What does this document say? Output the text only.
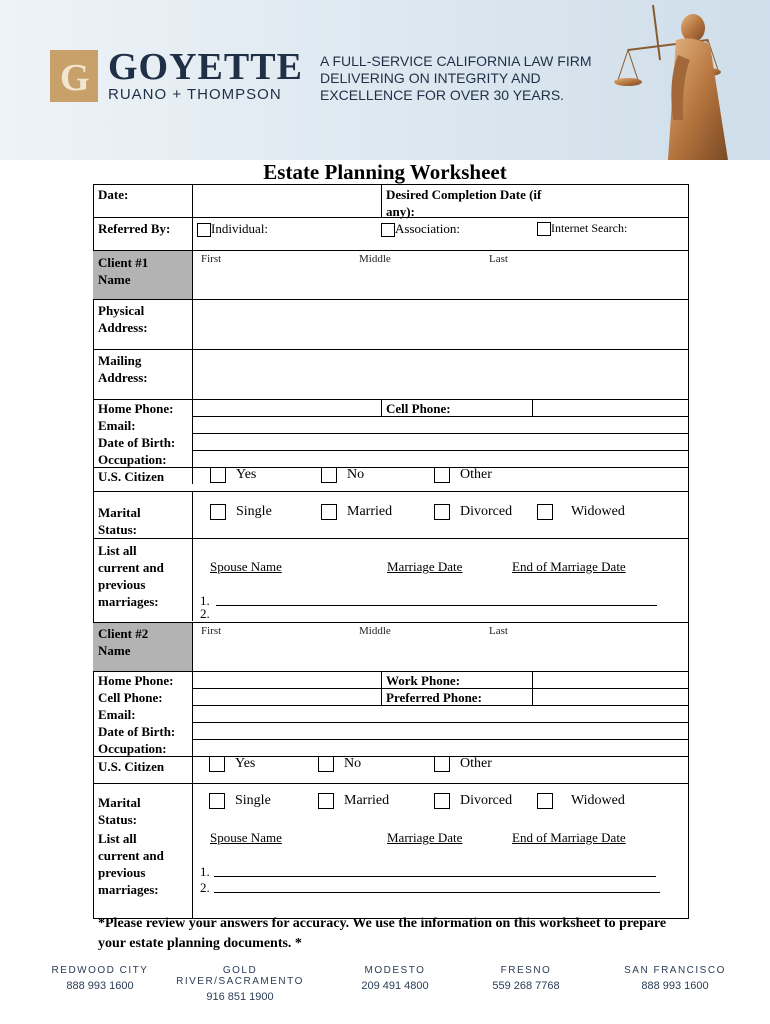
G GOYETTE
RUANO + THOMPSON
A FULL-SERVICE CALIFORNIA LAW FIRM DELIVERING ON INTEGRITY AND EXCELLENCE FOR OVER 30 YEARS.
Estate Planning Worksheet
Date:	Desired Completion Date (if any):
Referred By:	Individual:	Association:	Internet Search:
Client #1 Name
First	Middle	Last
Physical Address:
Mailing Address:
Home Phone:	Cell Phone:
Email:
Date of Birth:
Occupation:
U.S. Citizen	Yes	No	Other
Marital Status:
Single	Married	Divorced	Widowed
List all current and previous marriages:
Spouse Name	Marriage Date	End of Marriage Date
1.
2.
Client #2 Name
First	Middle	Last
Home Phone:	Work Phone:
Cell Phone:	Preferred Phone:
Email:
Date of Birth:
Occupation:
U.S. Citizen	Yes	No	Other
Marital Status:
Single	Married	Divorced	Widowed
List all current and previous marriages:
Spouse Name	Marriage Date	End of Marriage Date
1.
2.
*Please review your answers for accuracy. We use the information on this worksheet to prepare your estate planning documents. *
REDWOOD CITY
888 993 1600
GOLD RIVER/SACRAMENTO
916 851 1900
MODESTO
209 491 4800
FRESNO
559 268 7768
SAN FRANCISCO
888 993 1600
